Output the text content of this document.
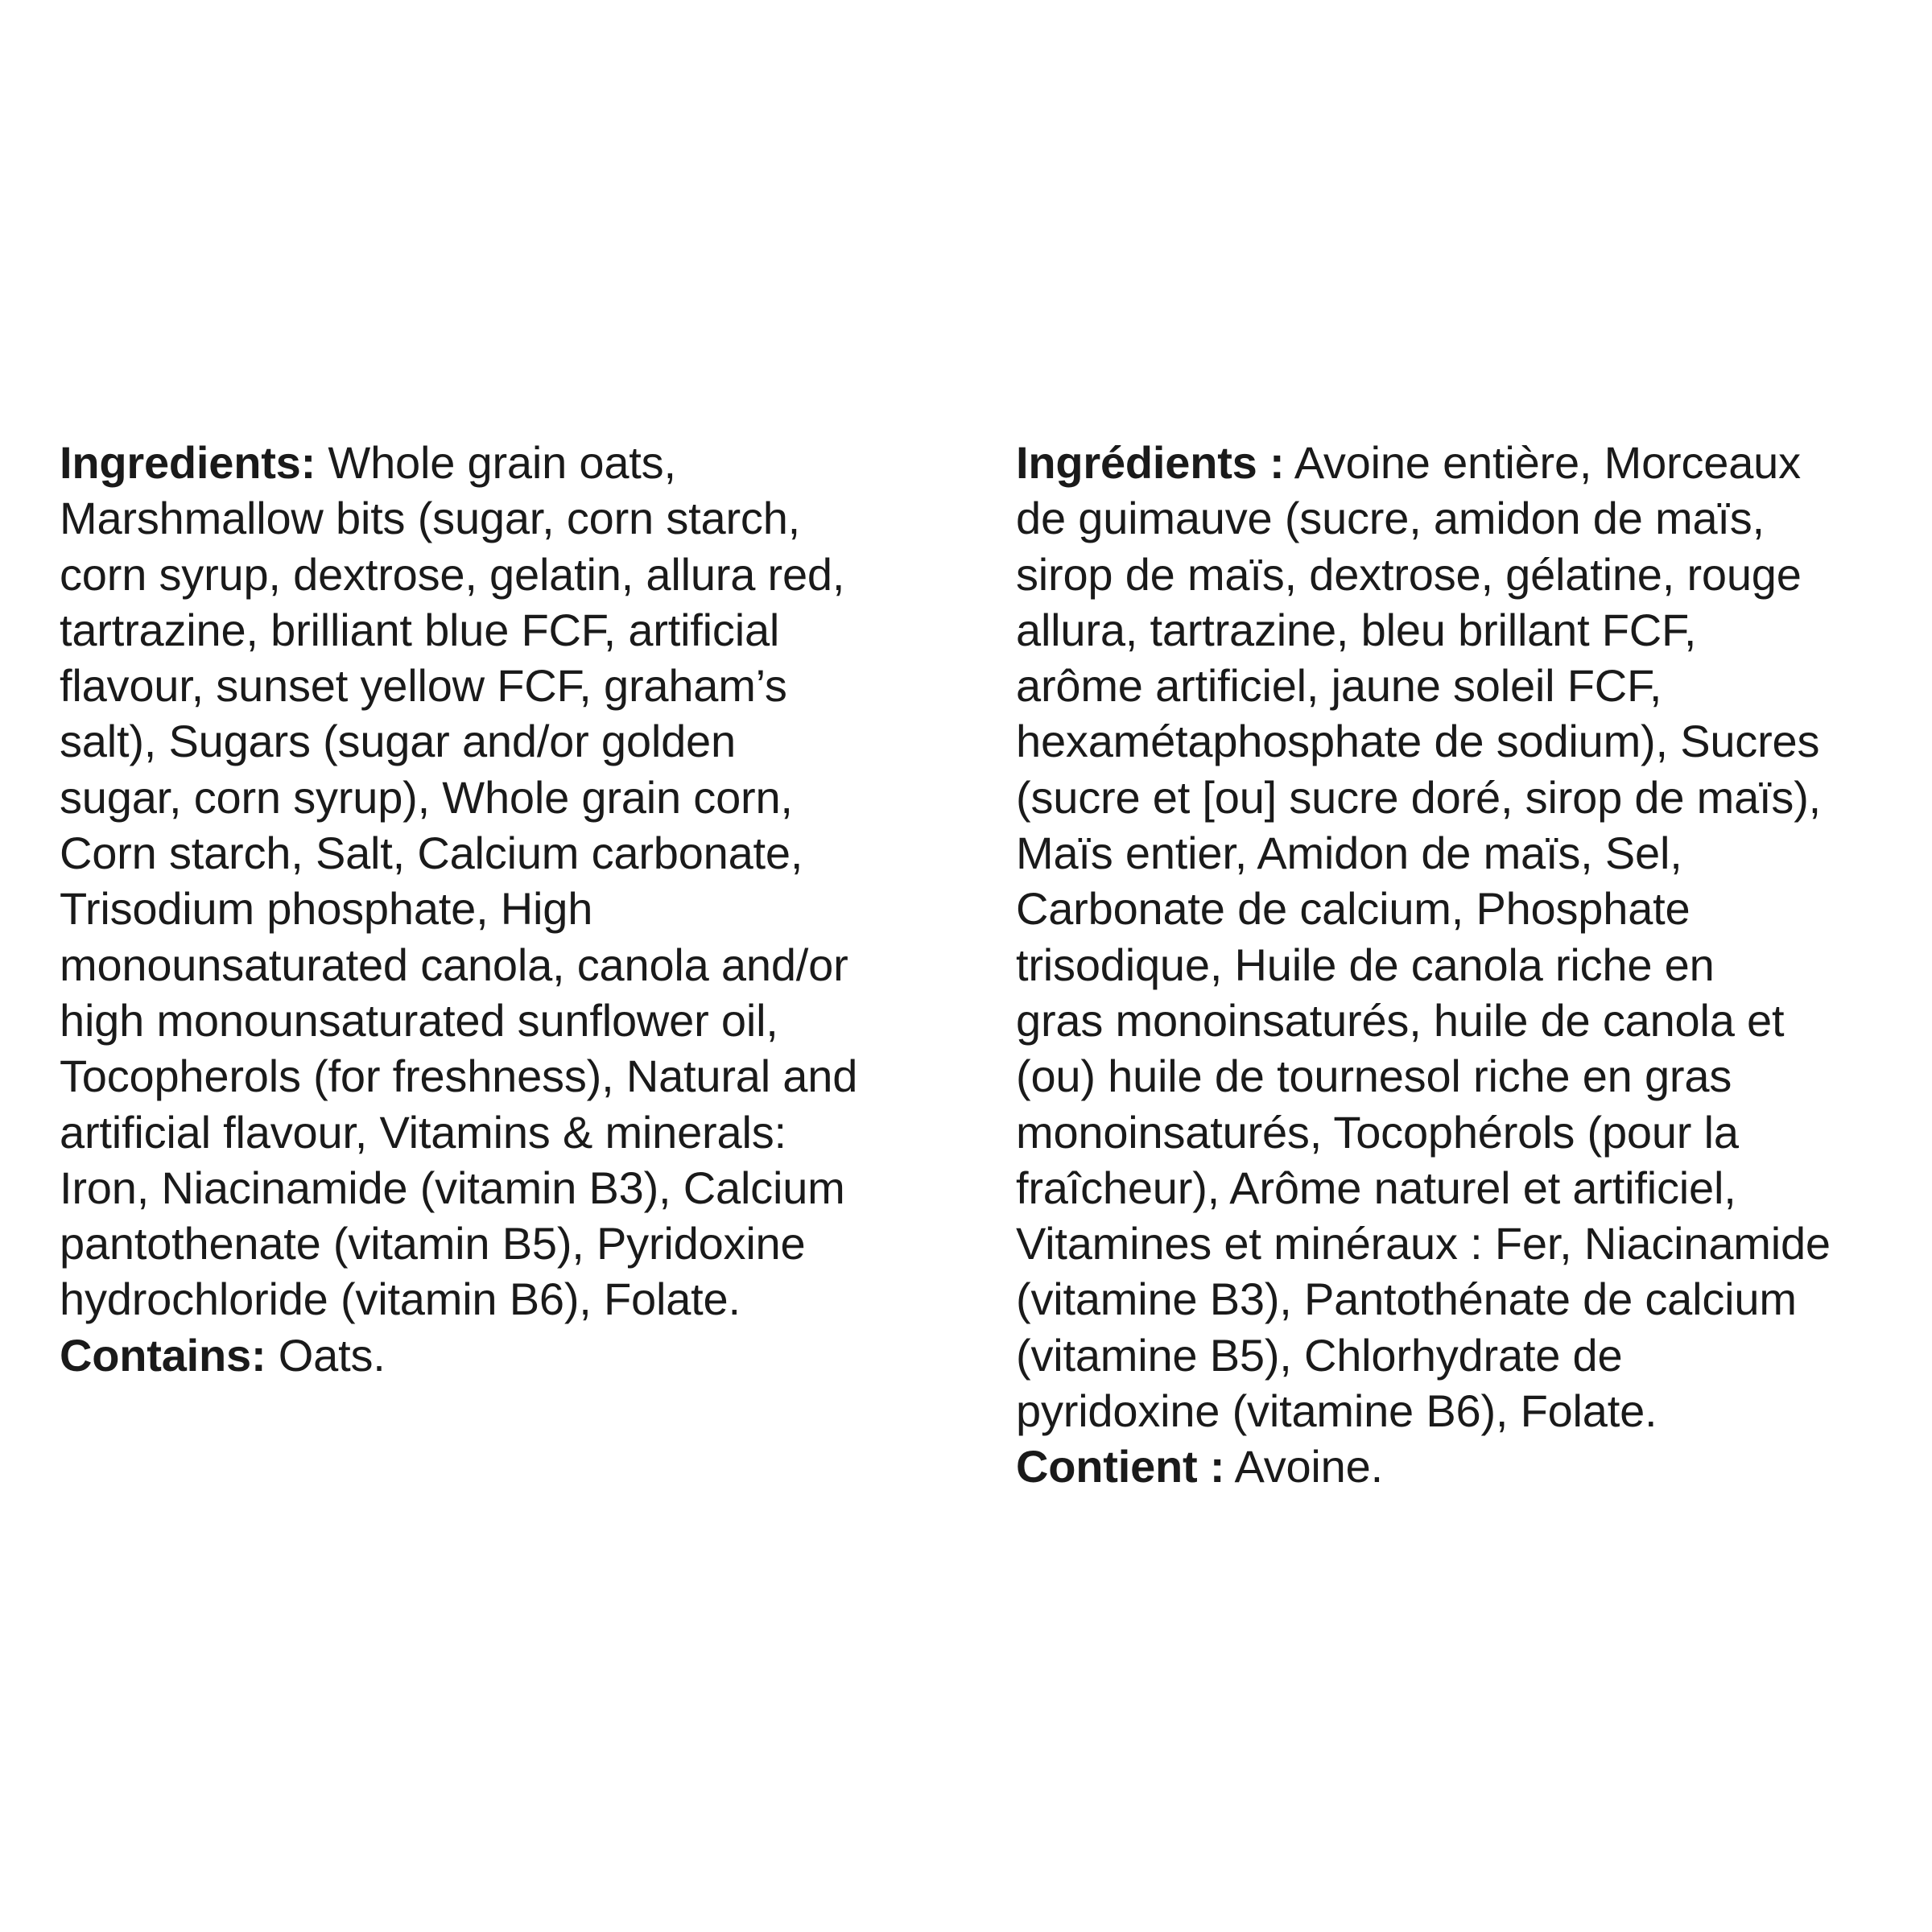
Ingredients: Whole grain oats,
Marshmallow bits (sugar, corn starch,
corn syrup, dextrose, gelatin, allura red,
tartrazine, brilliant blue FCF, artificial
flavour, sunset yellow FCF, graham’s
salt), Sugars (sugar and/or golden
sugar, corn syrup), Whole grain corn,
Corn starch, Salt, Calcium carbonate,
Trisodium phosphate, High
monounsaturated canola, canola and/or
high monounsaturated sunflower oil,
Tocopherols (for freshness), Natural and
artificial flavour, Vitamins & minerals:
Iron, Niacinamide (vitamin B3), Calcium
pantothenate (vitamin B5), Pyridoxine
hydrochloride (vitamin B6), Folate.
Contains: Oats.
Ingrédients : Avoine entière, Morceaux
de guimauve (sucre, amidon de maïs,
sirop de maïs, dextrose, gélatine, rouge
allura, tartrazine, bleu brillant FCF,
arôme artificiel, jaune soleil FCF,
hexamétaphosphate de sodium), Sucres
(sucre et [ou] sucre doré, sirop de maïs),
Maïs entier, Amidon de maïs, Sel,
Carbonate de calcium, Phosphate
trisodique, Huile de canola riche en
gras monoinsaturés, huile de canola et
(ou) huile de tournesol riche en gras
monoinsaturés, Tocophérols (pour la
fraîcheur), Arôme naturel et artificiel,
Vitamines et minéraux : Fer, Niacinamide
(vitamine B3), Pantothénate de calcium
(vitamine B5), Chlorhydrate de
pyridoxine (vitamine B6), Folate.
Contient : Avoine.
